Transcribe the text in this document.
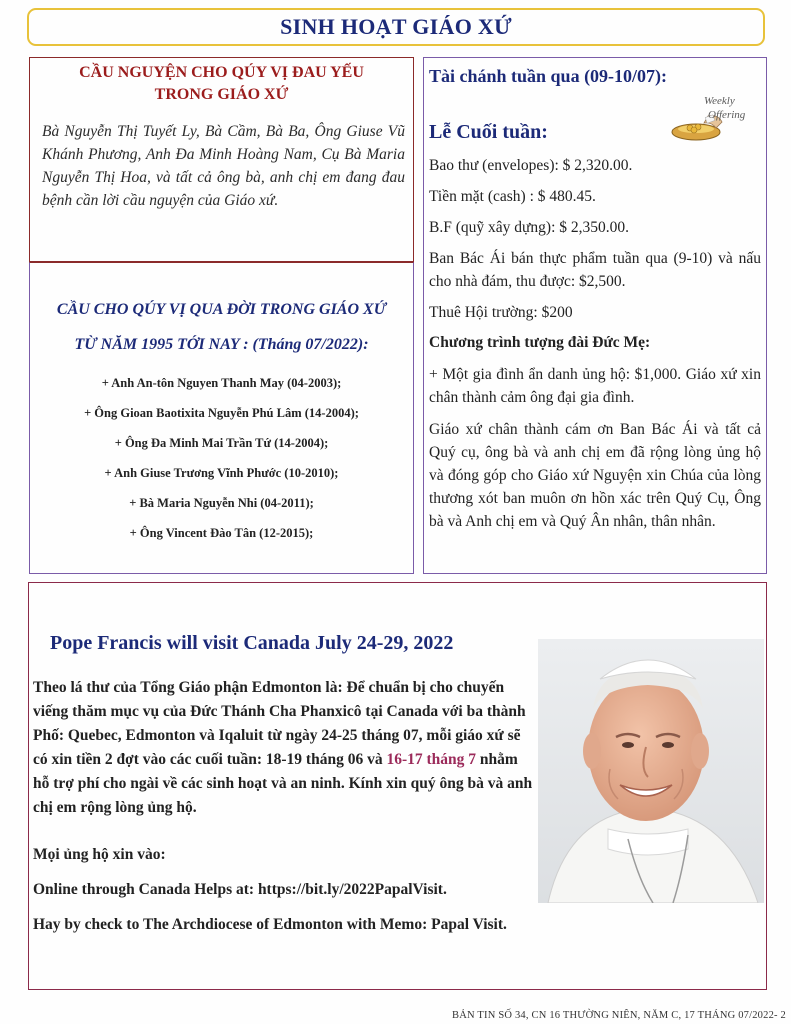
SINH HOẠT GIÁO XỨ
CẦU NGUYỆN CHO QÚY VỊ ĐAU YẾU
TRONG GIÁO XỨ
Bà Nguyễn Thị Tuyết Ly, Bà Cầm, Bà Ba, Ông Giuse Vũ Khánh Phương, Anh Đa Minh Hoàng Nam, Cụ Bà Maria Nguyễn Thị Hoa, và tất cả ông bà, anh chị em đang đau bệnh cần lời cầu nguyện của Giáo xứ.
CẦU CHO QÚY VỊ QUA ĐỜI TRONG GIÁO XỨ
TỪ NĂM 1995 TỚI NAY : (Tháng 07/2022):
+ Anh An-tôn Nguyen Thanh May (04-2003);
+ Ông Gioan Baotixita Nguyễn Phú Lâm (14-2004);
+ Ông Đa Minh Mai Trần Tứ (14-2004);
+ Anh Giuse Trương Vĩnh Phước (10-2010);
+ Bà Maria Nguyễn Nhi (04-2011);
+ Ông Vincent Đào Tân (12-2015);
Tài chánh tuần qua (09-10/07):
Lễ Cuối tuần:
Bao thư (envelopes): $ 2,320.00.
Tiền mặt (cash) : $ 480.45.
B.F (quỹ xây dựng): $ 2,350.00.
Ban Bác Ái bán thực phẩm tuần qua (9-10) và nấu cho nhà đám, thu được: $2,500.
Thuê Hội trường: $200
Chương trình tượng đài Đức Mẹ:
+ Một gia đình ẩn danh ủng hộ: $1,000. Giáo xứ xin chân thành cảm ông đại gia đình.
Giáo xứ chân thành cám ơn Ban Bác Ái và tất cả Quý cụ, ông bà và anh chị em đã rộng lòng ủng hộ và đóng góp cho Giáo xứ Nguyện xin Chúa của lòng thương xót ban muôn ơn hồn xác trên Quý Cụ, Ông bà và Anh chị em và Quý Ân nhân, thân nhân.
Weekly
Offering
Pope Francis will visit Canada July 24-29, 2022
Theo lá thư của Tổng Giáo phận Edmonton là: Để chuẩn bị cho chuyến viếng thăm mục vụ của Đức Thánh Cha Phanxicô tại Canada với ba thành Phố: Quebec, Edmonton và Iqaluit từ ngày 24-25 tháng 07, mỗi giáo xứ sẽ có xin tiền 2 đợt vào các cuối tuần: 18-19 tháng 06 và 16-17 tháng 7 nhằm hỗ trợ phí cho ngài về các sinh hoạt và an ninh. Kính xin quý ông bà và anh chị em rộng lòng ủng hộ.
Mọi ủng hộ xin vào:
Online through Canada Helps at: https://bit.ly/2022PapalVisit.
Hay by check to The Archdiocese of Edmonton with Memo: Papal Visit.
BẢN TIN SỐ 34, CN 16 THƯỜNG NIÊN, NĂM C, 17 THÁNG 07/2022- 2
